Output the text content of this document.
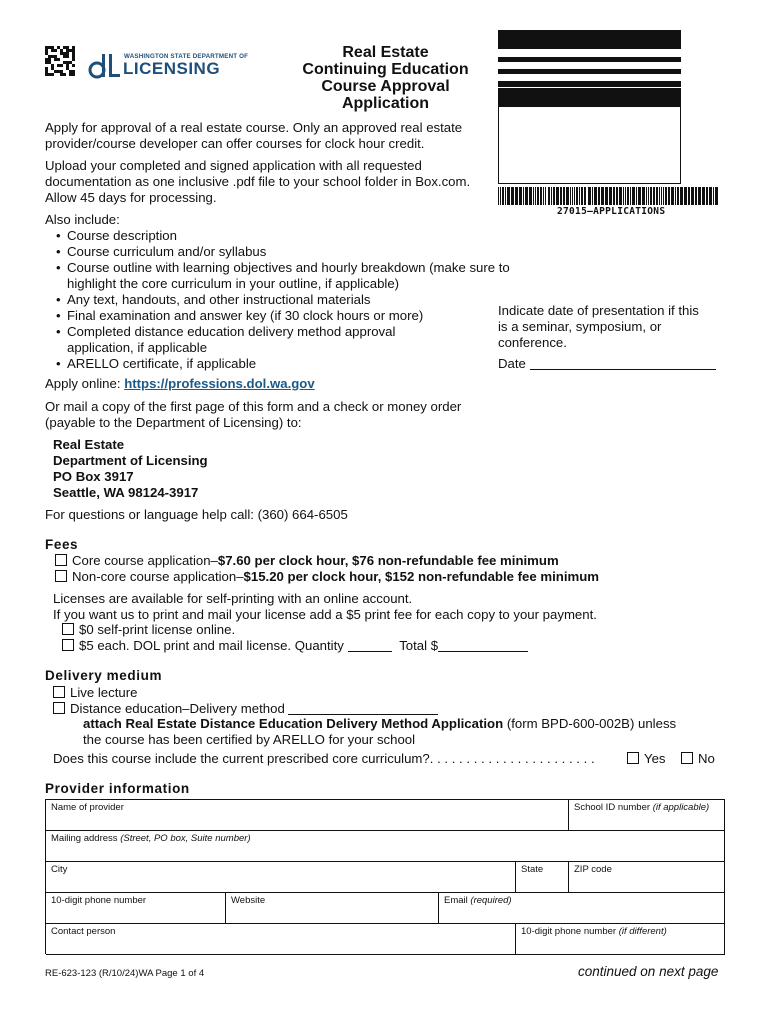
WASHINGTON STATE DEPARTMENT OF
LICENSING
Real Estate
Continuing Education
Course Approval
Application
27015–APPLICATIONS
Apply for approval of a real estate course. Only an approved real estate provider/course developer can offer courses for clock hour credit.
Upload your completed and signed application with all requested documentation as one inclusive .pdf file to your school folder in Box.com. Allow 45 days for processing.
Also include:
• Course description
• Course curriculum and/or syllabus
• Course outline with learning objectives and hourly breakdown (make sure to highlight the core curriculum in your outline, if applicable)
• Any text, handouts, and other instructional materials
• Final examination and answer key (if 30 clock hours or more)
• Completed distance education delivery method approval application, if applicable
• ARELLO certificate, if applicable
Indicate date of presentation if this is a seminar, symposium, or conference.
Date
Apply online: https://professions.dol.wa.gov
Or mail a copy of the first page of this form and a check or money order (payable to the Department of Licensing) to:
Real Estate
Department of Licensing
PO Box 3917
Seattle, WA 98124-3917
For questions or language help call: (360) 664-6505
Fees
Core course application–$7.60 per clock hour, $76 non-refundable fee minimum
Non-core course application–$15.20 per clock hour, $152 non-refundable fee minimum
Licenses are available for self-printing with an online account.
If you want us to print and mail your license add a $5 print fee for each copy to your payment.
$0 self-print license online.
$5 each. DOL print and mail license. Quantity	Total $
Delivery medium
Live lecture
Distance education–Delivery method
attach Real Estate Distance Education Delivery Method Application (form BPD-600-002B) unless
the course has been certified by ARELLO for your school
Does this course include the current prescribed core curriculum?. . . . . . . . . . . . . . . . . . . . . . .	Yes	No
Provider information
Name of provider	School ID number (if applicable)
Mailing address (Street, PO box, Suite number)
City	State	ZIP code
10-digit phone number	Website	Email (required)
Contact person	10-digit phone number (if different)
RE-623-123 (R/10/24)WA Page 1 of 4	continued on next page
